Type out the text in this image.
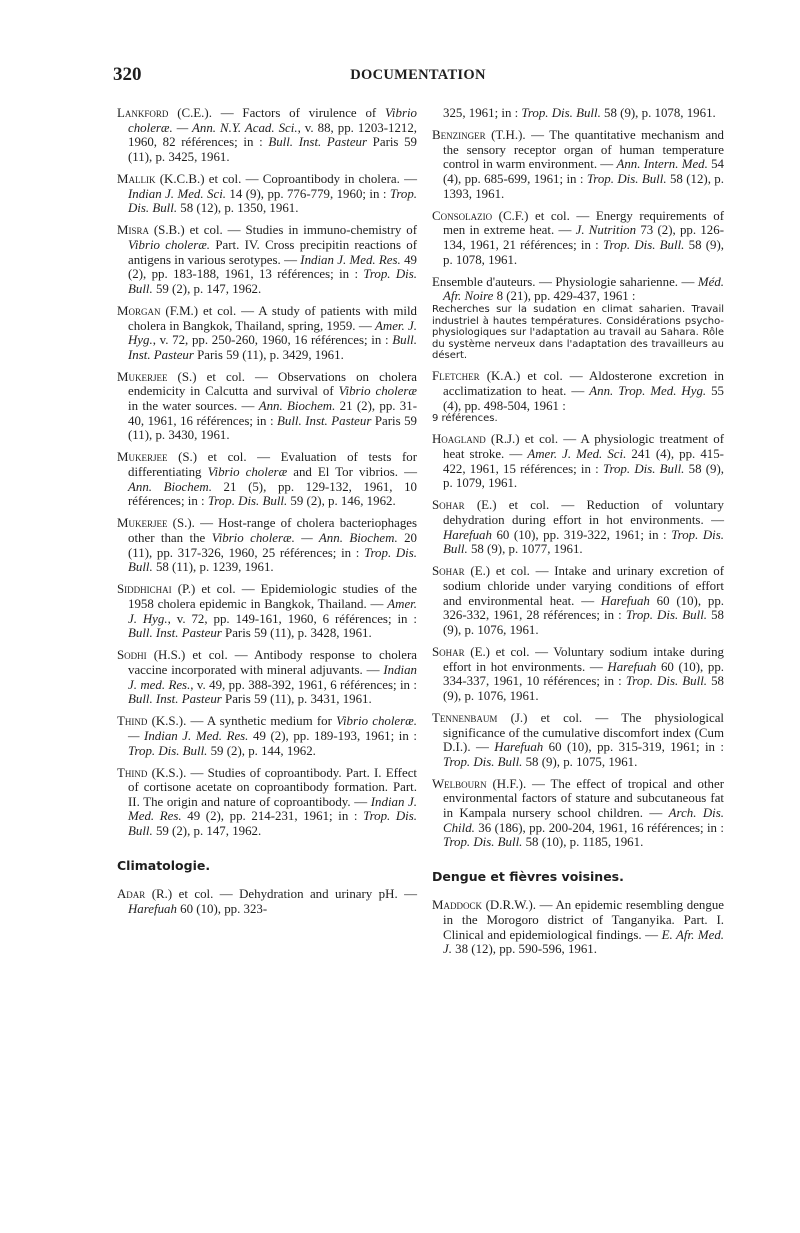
320	DOCUMENTATION

Lankford (C.E.). — Factors of virulence of Vibrio choleræ. — Ann. N.Y. Acad. Sci., v. 88, pp. 1203-1212, 1960, 82 références; in : Bull. Inst. Pasteur Paris 59 (11), p. 3425, 1961.

Mallik (K.C.B.) et col. — Coproantibody in cholera. — Indian J. Med. Sci. 14 (9), pp. 776-779, 1960; in : Trop. Dis. Bull. 58 (12), p. 1350, 1961.

Misra (S.B.) et col. — Studies in immuno-chemistry of Vibrio choleræ. Part. IV. Cross precipitin reactions of antigens in various serotypes. — Indian J. Med. Res. 49 (2), pp. 183-188, 1961, 13 références; in : Trop. Dis. Bull. 59 (2), p. 147, 1962.

Morgan (F.M.) et col. — A study of patients with mild cholera in Bangkok, Thailand, spring, 1959. — Amer. J. Hyg., v. 72, pp. 250-260, 1960, 16 références; in : Bull. Inst. Pasteur Paris 59 (11), p. 3429, 1961.

Mukerjee (S.) et col. — Observations on cholera endemicity in Calcutta and survival of Vibrio choleræ in the water sources. — Ann. Biochem. 21 (2), pp. 31-40, 1961, 16 références; in : Bull. Inst. Pasteur Paris 59 (11), p. 3430, 1961.

Mukerjee (S.) et col. — Evaluation of tests for differentiating Vibrio choleræ and El Tor vibrios. — Ann. Biochem. 21 (5), pp. 129-132, 1961, 10 références; in : Trop. Dis. Bull. 59 (2), p. 146, 1962.

Mukerjee (S.). — Host-range of cholera bacteriophages other than the Vibrio choleræ. — Ann. Biochem. 20 (11), pp. 317-326, 1960, 25 références; in : Trop. Dis. Bull. 58 (11), p. 1239, 1961.

Siddhichai (P.) et col. — Epidemiologic studies of the 1958 cholera epidemic in Bangkok, Thailand. — Amer. J. Hyg., v. 72, pp. 149-161, 1960, 6 références; in : Bull. Inst. Pasteur Paris 59 (11), p. 3428, 1961.

Sodhi (H.S.) et col. — Antibody response to cholera vaccine incorporated with mineral adjuvants. — Indian J. med. Res., v. 49, pp. 388-392, 1961, 6 références; in : Bull. Inst. Pasteur Paris 59 (11), p. 3431, 1961.

Thind (K.S.). — A synthetic medium for Vibrio choleræ. — Indian J. Med. Res. 49 (2), pp. 189-193, 1961; in : Trop. Dis. Bull. 59 (2), p. 144, 1962.

Thind (K.S.). — Studies of coproantibody. Part. I. Effect of cortisone acetate on coproantibody formation. Part. II. The origin and nature of coproantibody. — Indian J. Med. Res. 49 (2), pp. 214-231, 1961; in : Trop. Dis. Bull. 59 (2), p. 147, 1962.

Climatologie.

Adar (R.) et col. — Dehydration and urinary pH. — Harefuah 60 (10), pp. 323-

325, 1961; in : Trop. Dis. Bull. 58 (9), p. 1078, 1961.

Benzinger (T.H.). — The quantitative mechanism and the sensory receptor organ of human temperature control in warm environment. — Ann. Intern. Med. 54 (4), pp. 685-699, 1961; in : Trop. Dis. Bull. 58 (12), p. 1393, 1961.

Consolazio (C.F.) et col. — Energy requirements of men in extreme heat. — J. Nutrition 73 (2), pp. 126-134, 1961, 21 références; in : Trop. Dis. Bull. 58 (9), p. 1078, 1961.

Ensemble d'auteurs. — Physiologie saharienne. — Méd. Afr. Noire 8 (21), pp. 429-437, 1961 :
Recherches sur la sudation en climat saharien. Travail industriel à hautes températures. Considérations psycho-physiologiques sur l'adaptation au travail au Sahara. Rôle du système nerveux dans l'adaptation des travailleurs au désert.

Fletcher (K.A.) et col. — Aldosterone excretion in acclimatization to heat. — Ann. Trop. Med. Hyg. 55 (4), pp. 498-504, 1961 :
9 références.

Hoagland (R.J.) et col. — A physiologic treatment of heat stroke. — Amer. J. Med. Sci. 241 (4), pp. 415-422, 1961, 15 références; in : Trop. Dis. Bull. 58 (9), p. 1079, 1961.

Sohar (E.) et col. — Reduction of voluntary dehydration during effort in hot environments. — Harefuah 60 (10), pp. 319-322, 1961; in : Trop. Dis. Bull. 58 (9), p. 1077, 1961.

Sohar (E.) et col. — Intake and urinary excretion of sodium chloride under varying conditions of effort and environmental heat. — Harefuah 60 (10), pp. 326-332, 1961, 28 références; in : Trop. Dis. Bull. 58 (9), p. 1076, 1961.

Sohar (E.) et col. — Voluntary sodium intake during effort in hot environments. — Harefuah 60 (10), pp. 334-337, 1961, 10 références; in : Trop. Dis. Bull. 58 (9), p. 1076, 1961.

Tennenbaum (J.) et col. — The physiological significance of the cumulative discomfort index (Cum D.I.). — Harefuah 60 (10), pp. 315-319, 1961; in : Trop. Dis. Bull. 58 (9), p. 1075, 1961.

Welbourn (H.F.). — The effect of tropical and other environmental factors of stature and subcutaneous fat in Kampala nursery school children. — Arch. Dis. Child. 36 (186), pp. 200-204, 1961, 16 références; in : Trop. Dis. Bull. 58 (10), p. 1185, 1961.

Dengue et fièvres voisines.

Maddock (D.R.W.). — An epidemic resembling dengue in the Morogoro district of Tanganyika. Part. I. Clinical and epidemiological findings. — E. Afr. Med. J. 38 (12), pp. 590-596, 1961.
